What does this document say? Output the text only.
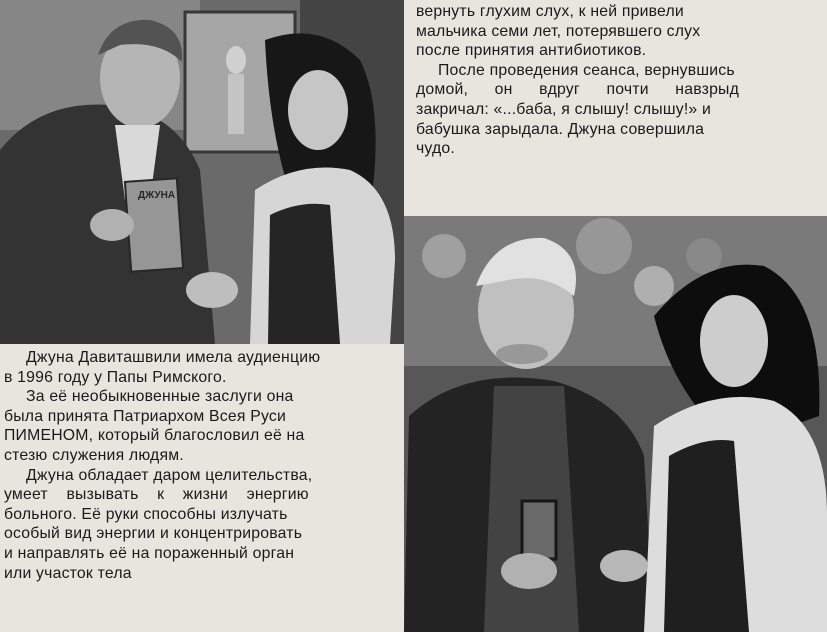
ДЖУНА

вернуть глухим слух, к ней привели
мальчика семи лет, потерявшего слух
после принятия антибиотиков.

После проведения сеанса, вернувшись
домой, он вдруг почти навзрыд
закричал: «...баба, я слышу! слышу!» и
бабушка зарыдала. Джуна совершила
чудо.

Джуна Давиташвили имела аудиенцию
в 1996 году у Папы Римского.

За её необыкновенные заслуги она
была принята Патриархом Всея Руси
ПИМЕНОМ, который благословил её на
стезю служения людям.

Джуна обладает даром целительства,
умеет вызывать к жизни энергию
больного. Её руки способны излучать
особый вид энергии и концентрировать
и направлять её на пораженный орган
или участок тела
